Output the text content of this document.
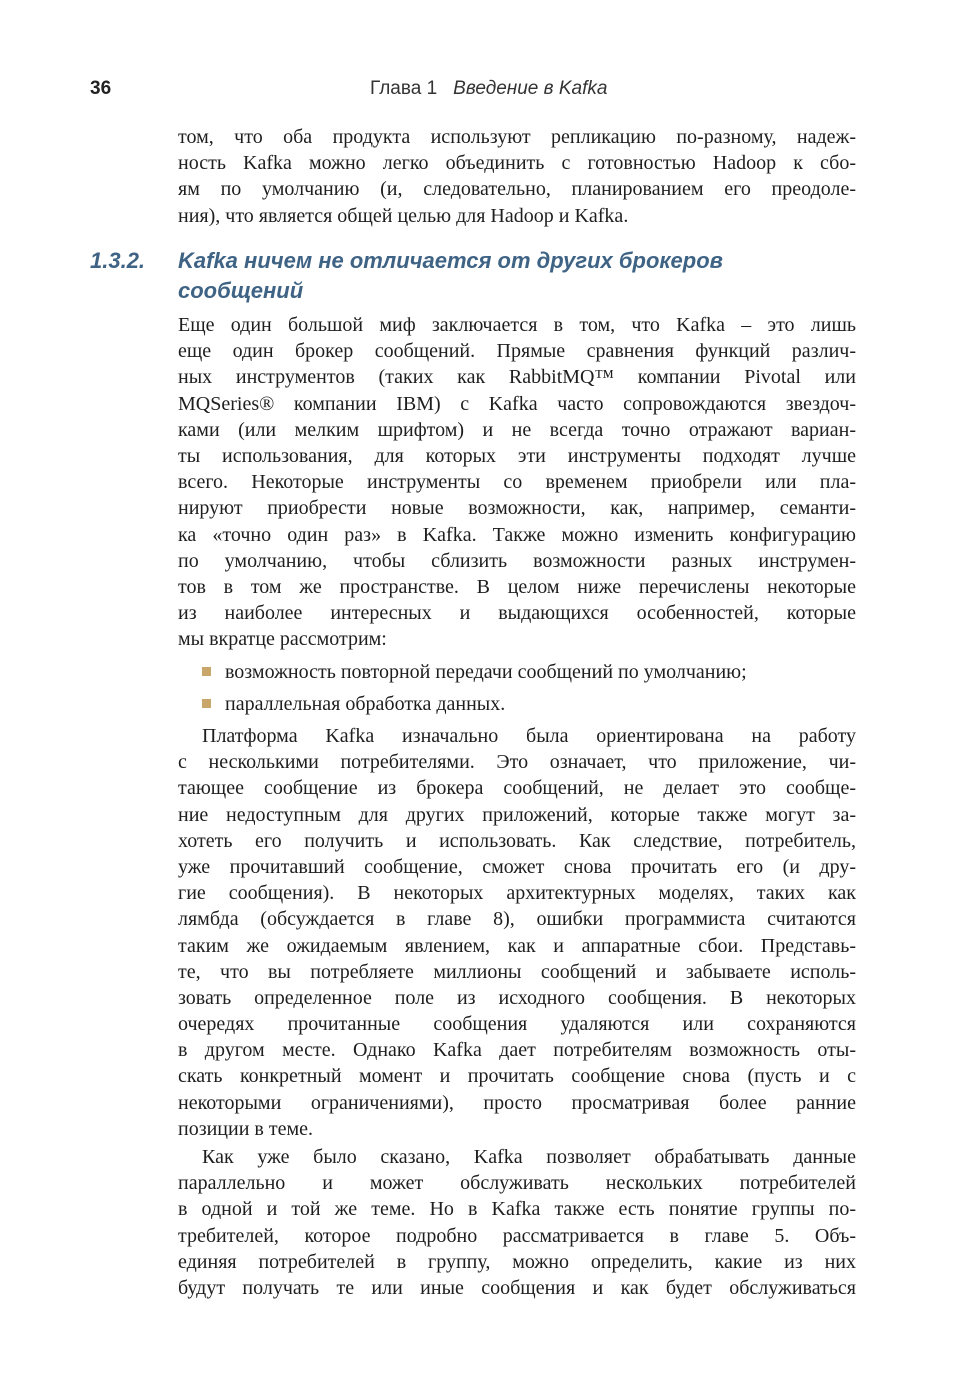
36	Глава 1 Введение в Kafka
том, что оба продукта используют репликацию по-разному, надеж-
ность Kafka можно легко объединить с готовностью Hadoop к сбо-
ям по умолчанию (и, следовательно, планированием его преодоле-
ния), что является общей целью для Hadoop и Kafka.
1.3.2. Kafka ничем не отличается от других брокеров
сообщений
Еще один большой миф заключается в том, что Kafka – это лишь
еще один брокер сообщений. Прямые сравнения функций различ-
ных инструментов (таких как RabbitMQ™ компании Pivotal или
MQSeries® компании IBM) с Kafka часто сопровождаются звездоч-
ками (или мелким шрифтом) и не всегда точно отражают вариан-
ты использования, для которых эти инструменты подходят лучше
всего. Некоторые инструменты со временем приобрели или пла-
нируют приобрести новые возможности, как, например, семанти-
ка «точно один раз» в Kafka. Также можно изменить конфигурацию
по умолчанию, чтобы сблизить возможности разных инструмен-
тов в том же пространстве. В целом ниже перечислены некоторые
из наиболее интересных и выдающихся особенностей, которые
мы вкратце рассмотрим:
возможность повторной передачи сообщений по умолчанию;
параллельная обработка данных.
Платформа Kafka изначально была ориентирована на работу
с несколькими потребителями. Это означает, что приложение, чи-
тающее сообщение из брокера сообщений, не делает это сообще-
ние недоступным для других приложений, которые также могут за-
хотеть его получить и использовать. Как следствие, потребитель,
уже прочитавший сообщение, сможет снова прочитать его (и дру-
гие сообщения). В некоторых архитектурных моделях, таких как
лямбда (обсуждается в главе 8), ошибки программиста считаются
таким же ожидаемым явлением, как и аппаратные сбои. Представь-
те, что вы потребляете миллионы сообщений и забываете исполь-
зовать определенное поле из исходного сообщения. В некоторых
очередях прочитанные сообщения удаляются или сохраняются
в другом месте. Однако Kafka дает потребителям возможность оты-
скать конкретный момент и прочитать сообщение снова (пусть и с
некоторыми ограничениями), просто просматривая более ранние
позиции в теме.
Как уже было сказано, Kafka позволяет обрабатывать данные
параллельно и может обслуживать нескольких потребителей
в одной и той же теме. Но в Kafka также есть понятие группы по-
требителей, которое подробно рассматривается в главе 5. Объ-
единяя потребителей в группу, можно определить, какие из них
будут получать те или иные сообщения и как будет обслуживаться
